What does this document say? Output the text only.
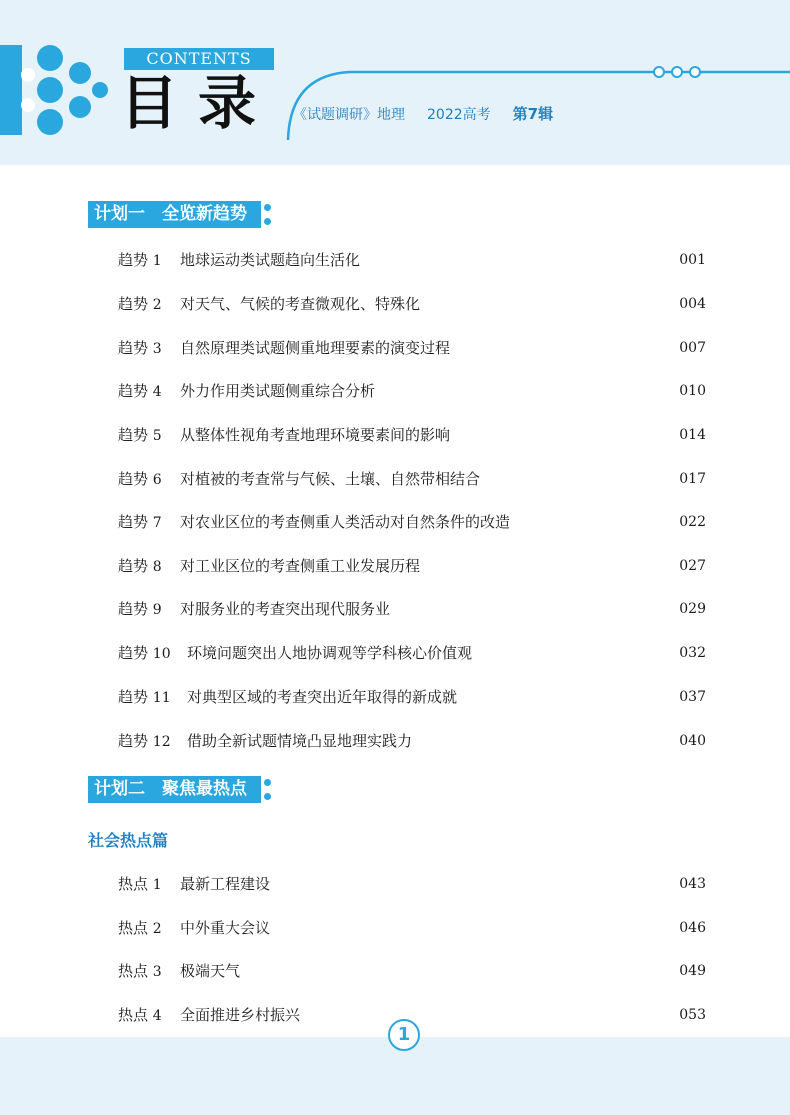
CONTENTS
目录 《试题调研》地理 2022高考 第7辑
计划一　全览新趋势
趋势 1 地球运动类试题趋向生活化	001
趋势 2 对天气、气候的考查微观化、特殊化	004
趋势 3 自然原理类试题侧重地理要素的演变过程	007
趋势 4 外力作用类试题侧重综合分析	010
趋势 5 从整体性视角考查地理环境要素间的影响	014
趋势 6 对植被的考查常与气候、土壤、自然带相结合	017
趋势 7 对农业区位的考查侧重人类活动对自然条件的改造	022
趋势 8 对工业区位的考查侧重工业发展历程	027
趋势 9 对服务业的考查突出现代服务业	029
趋势 10 环境问题突出人地协调观等学科核心价值观	032
趋势 11 对典型区域的考查突出近年取得的新成就	037
趋势 12 借助全新试题情境凸显地理实践力	040
计划二　聚焦最热点
社会热点篇
热点 1 最新工程建设	043
热点 2 中外重大会议	046
热点 3 极端天气	049
热点 4 全面推进乡村振兴	053
1
